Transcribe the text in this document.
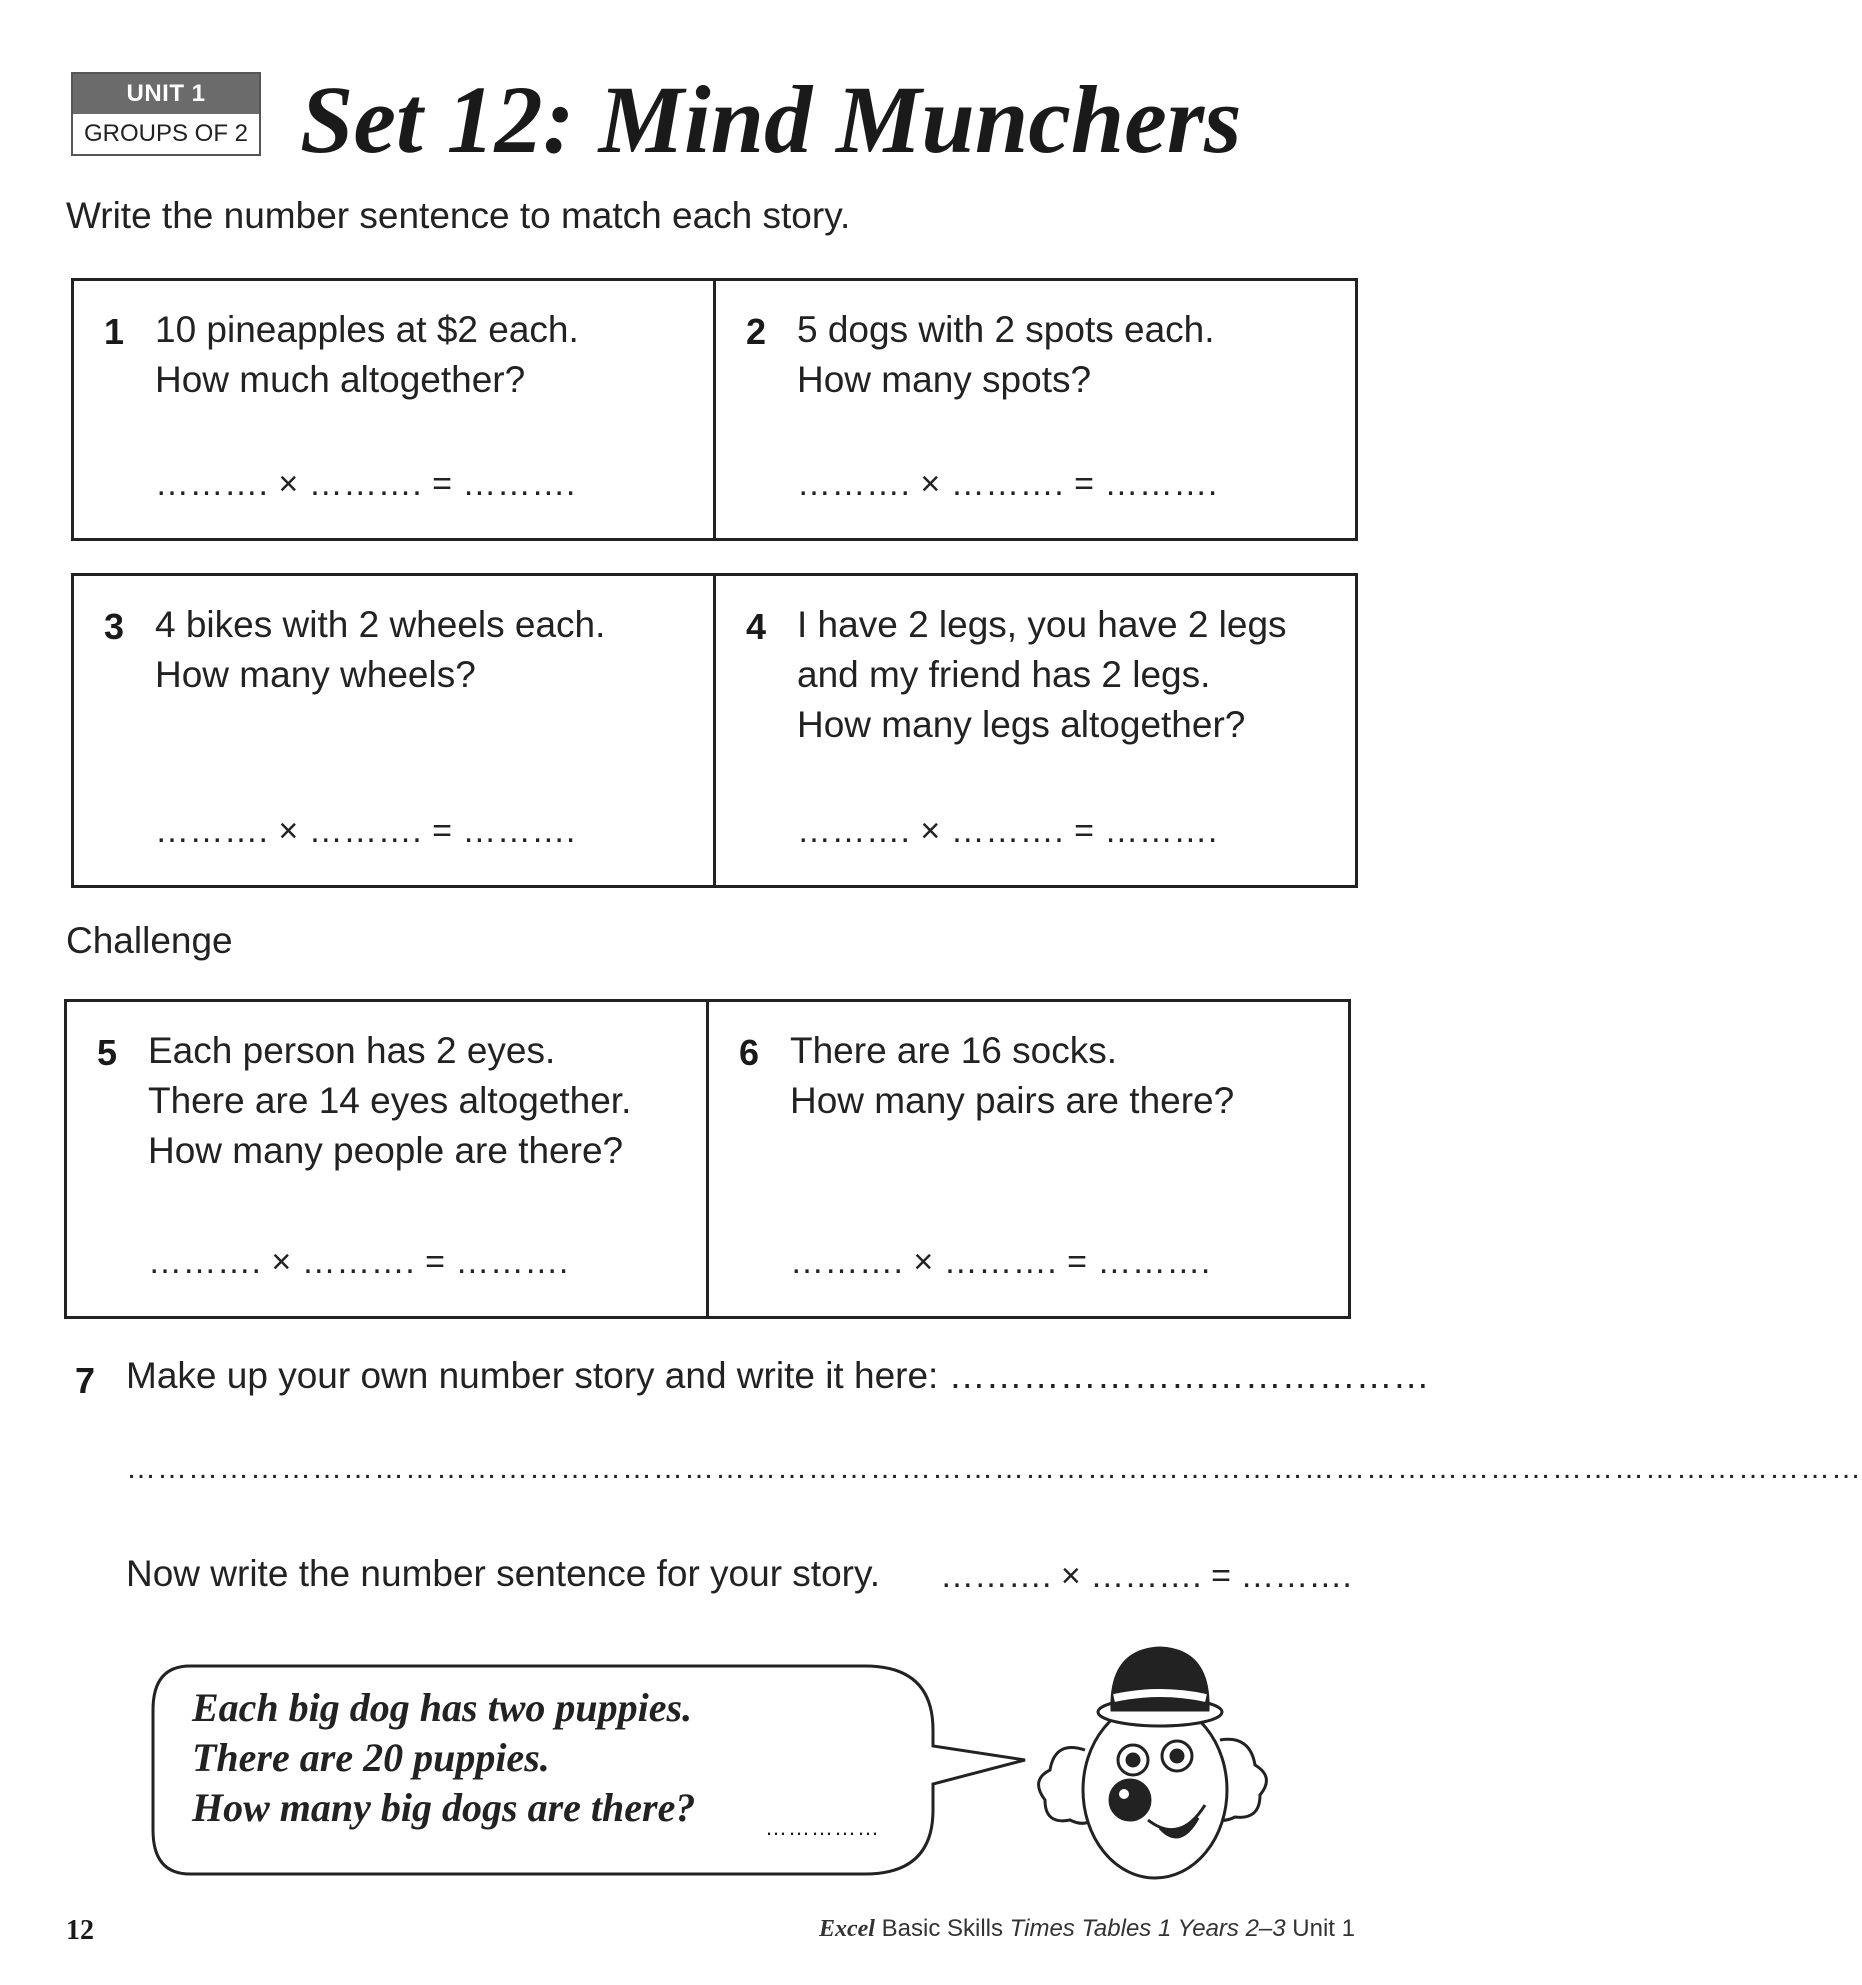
UNIT 1
GROUPS OF 2 Set 12: Mind Munchers
Write the number sentence to match each story.
1 10 pineapples at $2 each.
How much altogether?
………. × ………. = ……….
2 5 dogs with 2 spots each.
How many spots?
………. × ………. = ……….
3 4 bikes with 2 wheels each.
How many wheels?
………. × ………. = ……….
4 I have 2 legs, you have 2 legs
and my friend has 2 legs.
How many legs altogether?
………. × ………. = ……….
Challenge
5 Each person has 2 eyes.
There are 14 eyes altogether.
How many people are there?
………. × ………. = ……….
6 There are 16 socks.
How many pairs are there?
………. × ………. = ……….
7 Make up your own number story and write it here: …………………………………
……………………………………………………………………………………………………………………………………………………
Now write the number sentence for your story. ………. × ………. = ……….
Each big dog has two puppies.
There are 20 puppies.
How many big dogs are there?	……………
12	Excel Basic Skills Times Tables 1 Years 2–3 Unit 1
